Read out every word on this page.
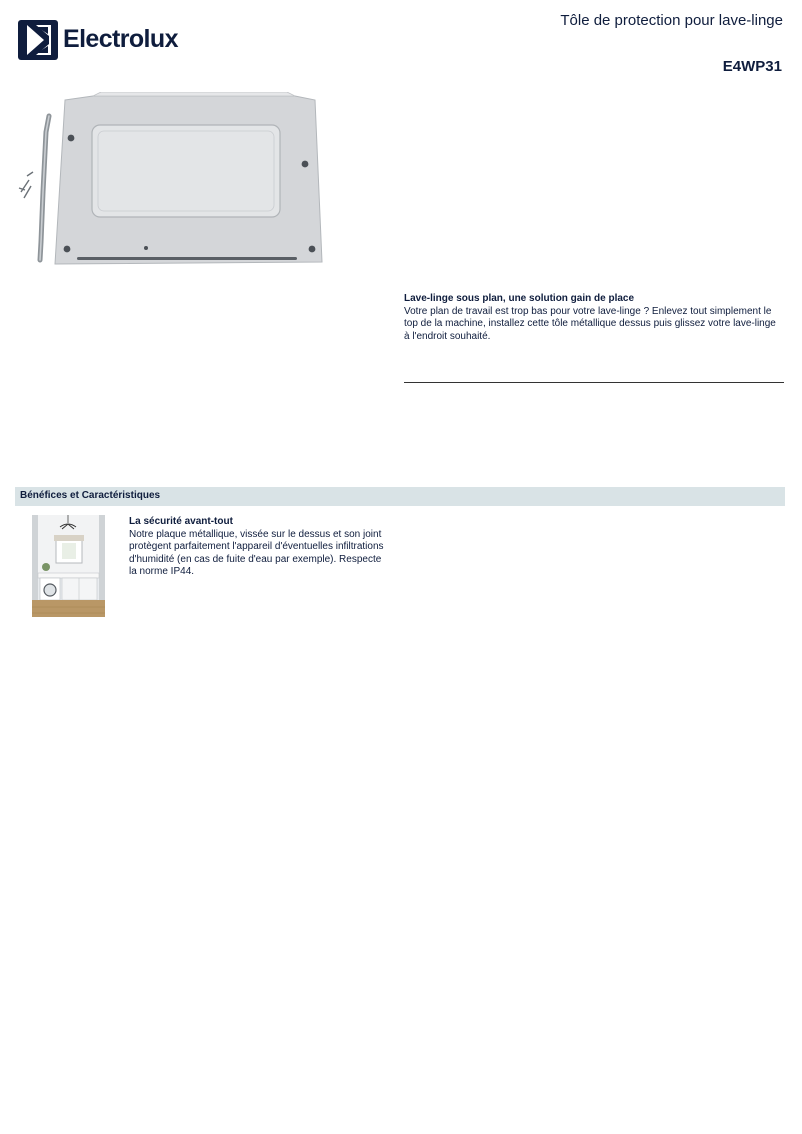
Electrolux
Tôle de protection pour lave-linge
E4WP31
Lave-linge sous plan, une solution gain de place
Votre plan de travail est trop bas pour votre lave-linge ? Enlevez tout simplement le top de la machine, installez cette tôle métallique dessus puis glissez votre lave-linge à l'endroit souhaité.
Bénéfices et Caractéristiques
La sécurité avant-tout
Notre plaque métallique, vissée sur le dessus et son joint protègent parfaitement l'appareil d'éventuelles infiltrations d'humidité (en cas de fuite d'eau par exemple). Respecte la norme IP44.
